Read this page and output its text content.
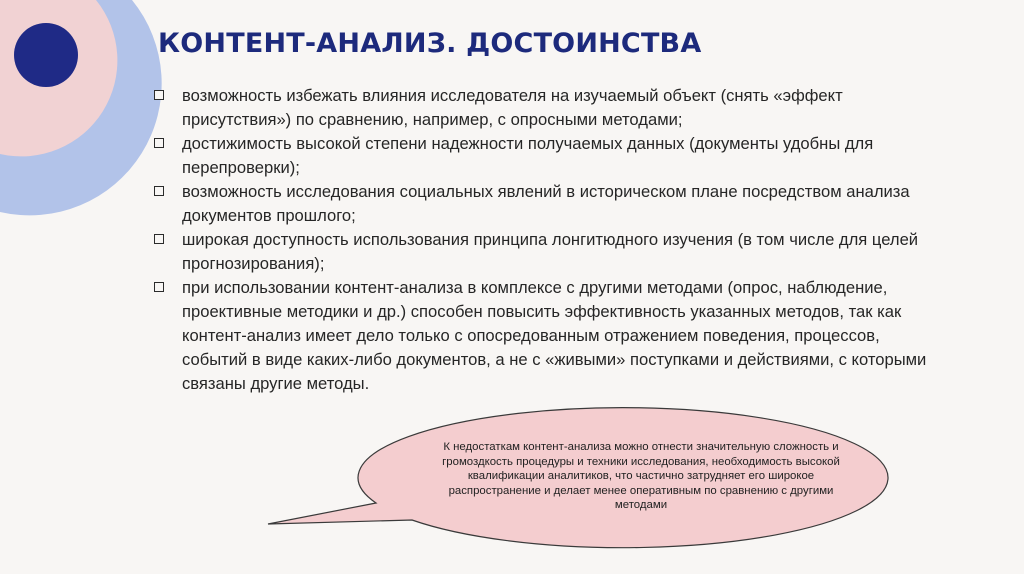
КОНТЕНТ-АНАЛИЗ. ДОСТОИНСТВА
возможность избежать влияния исследователя на изучаемый объект (снять «эффект присутствия») по сравнению, например, с опросными методами;
достижимость высокой степени надежности получаемых данных (документы удобны для перепроверки);
возможность исследования социальных явлений в историческом плане посредством анализа документов прошлого;
широкая доступность использования принципа лонгитюдного изучения (в том числе для целей прогнозирования);
при использовании контент-анализа в комплексе с другими методами (опрос, наблюдение, проективные методики и др.) способен повысить эффективность указанных методов, так как контент-анализ имеет дело только с опосредованным отражением поведения, процессов, событий в виде каких-либо документов, а не с «живыми» поступками и действиями, с которыми связаны другие методы.
К недостаткам контент-анализа можно отнести значительную сложность и громоздкость процедуры и техники исследования, необходимость высокой квалификации аналитиков, что частично затрудняет его широкое распространение и делает менее оперативным по сравнению с другими методами
